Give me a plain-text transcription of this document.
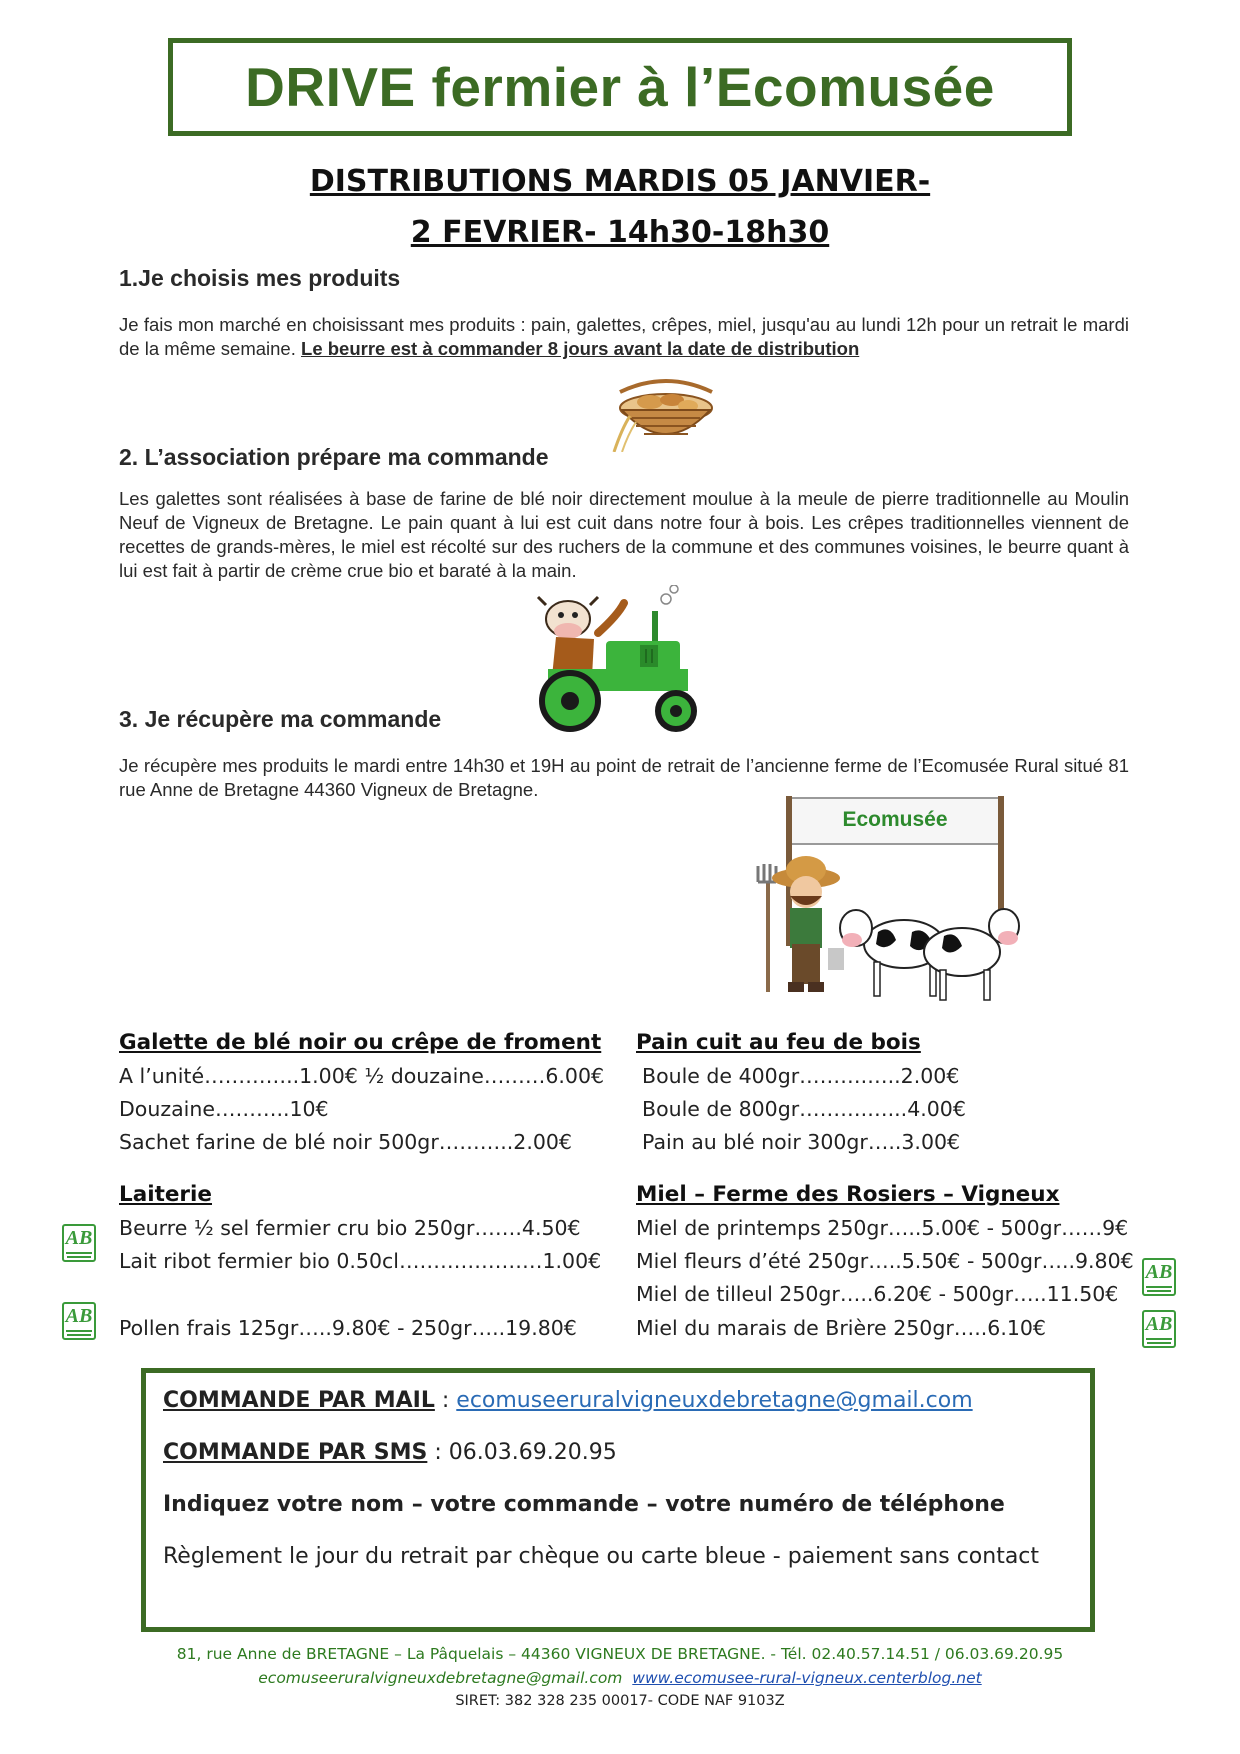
DRIVE fermier à l’Ecomusée
DISTRIBUTIONS MARDIS 05 JANVIER-
2 FEVRIER- 14h30-18h30
1.Je choisis mes produits
Je fais mon marché en choisissant mes produits : pain, galettes, crêpes, miel, jusqu'au au lundi 12h pour un retrait le mardi de la même semaine. Le beurre est à commander 8 jours avant la date de distribution
2. L’association prépare ma commande
Les galettes sont réalisées à base de farine de blé noir directement moulue à la meule de pierre traditionnelle au Moulin Neuf de Vigneux de Bretagne. Le pain quant à lui est cuit dans notre four à bois. Les crêpes traditionnelles viennent de recettes de grands-mères, le miel est récolté sur des ruchers de la commune et des communes voisines, le beurre quant à lui est fait à partir de crème crue bio et baraté à la main.
3. Je récupère ma commande
Je récupère mes produits le mardi entre 14h30 et 19H au point de retrait de l’ancienne ferme de l’Ecomusée Rural situé 81 rue Anne de Bretagne 44360 Vigneux de Bretagne.
Ecomusée
Galette de blé noir ou crêpe de froment
A l’unité…………..1.00€ ½ douzaine………6.00€
Douzaine………..10€
Sachet farine de blé noir 500gr………..2.00€
Pain cuit au feu de bois
Boule de 400gr……….…..2.00€
Boule de 800gr……….…...4.00€
Pain au blé noir 300gr…..3.00€
Laiterie
Beurre ½ sel fermier cru bio 250gr…….4.50€
Lait ribot fermier bio 0.50cl…………………1.00€
Pollen frais 125gr…..9.80€ - 250gr…..19.80€
AB
AB
Miel – Ferme des Rosiers – Vigneux
Miel de printemps 250gr…..5.00€ - 500gr……9€
Miel fleurs d’été 250gr…..5.50€ - 500gr…..9.80€
Miel de tilleul 250gr…..6.20€ - 500gr…..11.50€
Miel du marais de Brière 250gr…..6.10€
AB
AB
COMMANDE PAR MAIL : ecomuseeruralvigneuxdebretagne@gmail.com
COMMANDE PAR SMS : 06.03.69.20.95
Indiquez votre nom – votre commande – votre numéro de téléphone
Règlement le jour du retrait par chèque ou carte bleue - paiement sans contact
81, rue Anne de BRETAGNE – La Pâquelais – 44360 VIGNEUX DE BRETAGNE. - Tél. 02.40.57.14.51 / 06.03.69.20.95
ecomuseeruralvigneuxdebretagne@gmail.com www.ecomusee-rural-vigneux.centerblog.net
SIRET: 382 328 235 00017- CODE NAF 9103Z
